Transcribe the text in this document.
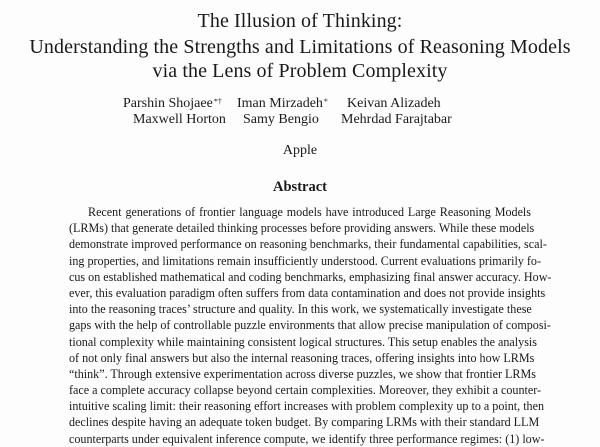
The Illusion of Thinking:
Understanding the Strengths and Limitations of Reasoning Models
via the Lens of Problem Complexity
Parshin Shojaee*† Iman Mirzadeh* Keivan Alizadeh
Maxwell Horton Samy Bengio Mehrdad Farajtabar
Apple
Abstract
Recent generations of frontier language models have introduced Large Reasoning Models
(LRMs) that generate detailed thinking processes before providing answers. While these models
demonstrate improved performance on reasoning benchmarks, their fundamental capabilities, scal-
ing properties, and limitations remain insufficiently understood. Current evaluations primarily fo-
cus on established mathematical and coding benchmarks, emphasizing final answer accuracy. How-
ever, this evaluation paradigm often suffers from data contamination and does not provide insights
into the reasoning traces’ structure and quality. In this work, we systematically investigate these
gaps with the help of controllable puzzle environments that allow precise manipulation of composi-
tional complexity while maintaining consistent logical structures. This setup enables the analysis
of not only final answers but also the internal reasoning traces, offering insights into how LRMs
“think”. Through extensive experimentation across diverse puzzles, we show that frontier LRMs
face a complete accuracy collapse beyond certain complexities. Moreover, they exhibit a counter-
intuitive scaling limit: their reasoning effort increases with problem complexity up to a point, then
declines despite having an adequate token budget. By comparing LRMs with their standard LLM
counterparts under equivalent inference compute, we identify three performance regimes: (1) low-
